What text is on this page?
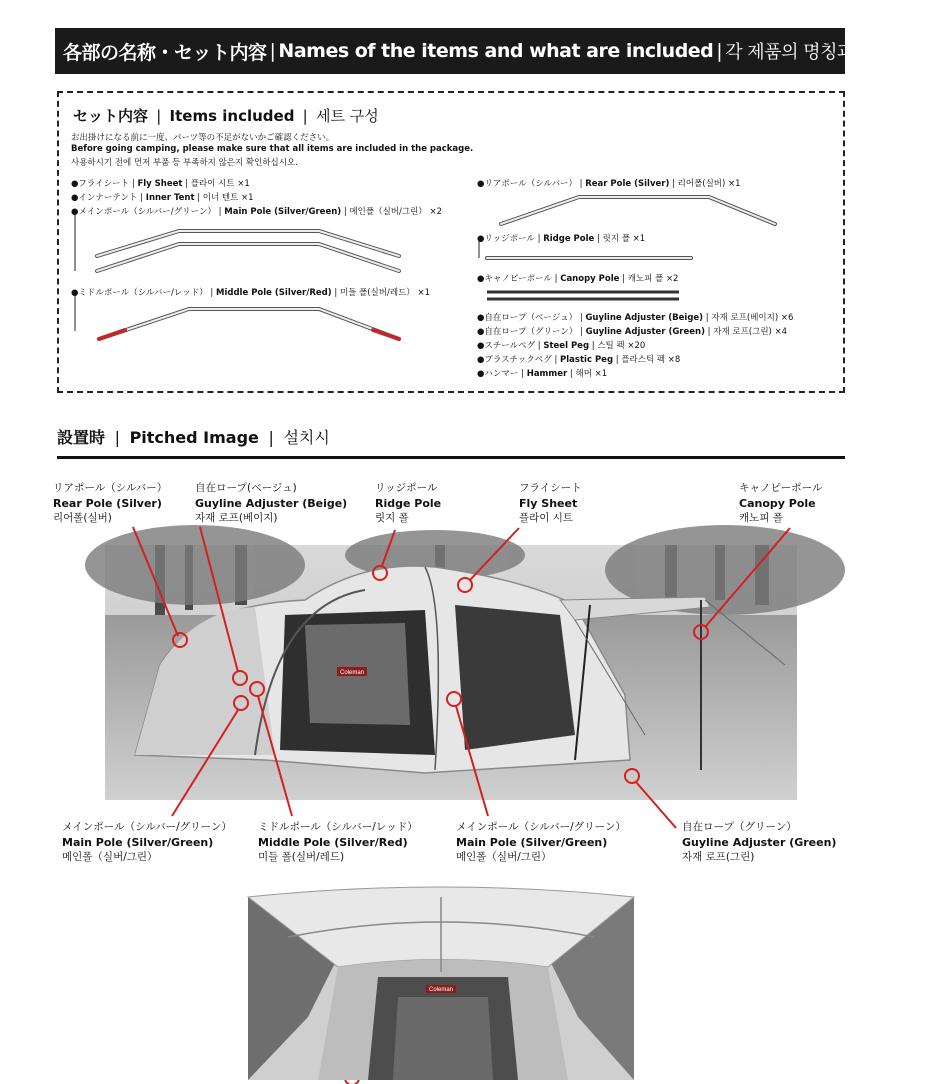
各部の名称・セット内容 | Names of the items and what are included | 각 제품의 명칭과 세트 구성
セット内容 | Items included | 세트 구성
お出掛けになる前に一度、パーツ等の不足がないかご確認ください。
Before going camping, please make sure that all items are included in the package.
사용하시기 전에 먼저 부품 등 부족하지 않은지 확인하십시오.
●フライシート | Fly Sheet | 플라이 시트 ×1
●インナーテント | Inner Tent | 이너 텐트 ×1
●メインポール（シルバー/グリーン） | Main Pole (Silver/Green) | 메인폴（실버/그린） ×2
●ミドルポール（シルバー/レッド） | Middle Pole (Silver/Red) | 미들 폴(실버/레드） ×1
●リアポール（シルバー） | Rear Pole (Silver) | 리어폴(실버) ×1
●リッジポール | Ridge Pole | 릿지 폴 ×1
●キャノピーポール | Canopy Pole | 캐노피 폴 ×2
●自在ロープ（ベージュ） | Guyline Adjuster (Beige) | 자재 로프(베이지) ×6
●自在ロープ（グリーン） | Guyline Adjuster (Green) | 자재 로프(그린) ×4
●スチールペグ | Steel Peg | 스틸 펙 ×20
●プラスチックペグ | Plastic Peg | 플라스틱 펙 ×8
●ハンマー | Hammer | 해머 ×1
設置時 | Pitched Image | 설치시
リアポール（シルバー）
Rear Pole (Silver)
리어폴(실버)
自在ロープ(ベージュ)
Guyline Adjuster (Beige)
자재 로프(베이지)
リッジポール
Ridge Pole
릿지 폴
フライシート
Fly Sheet
플라이 시트
キャノピーポール
Canopy Pole
캐노피 폴
Coleman
メインポール（シルバー/グリーン）
Main Pole (Silver/Green)
메인폴（실버/그린）
ミドルポール（シルバー/レッド）
Middle Pole (Silver/Red)
미들 폴(실버/레드)
メインポール（シルバー/グリーン）
Main Pole (Silver/Green)
메인폴（실버/그린）
自在ロープ（グリーン）
Guyline Adjuster (Green)
자재 로프(그린)
Coleman
